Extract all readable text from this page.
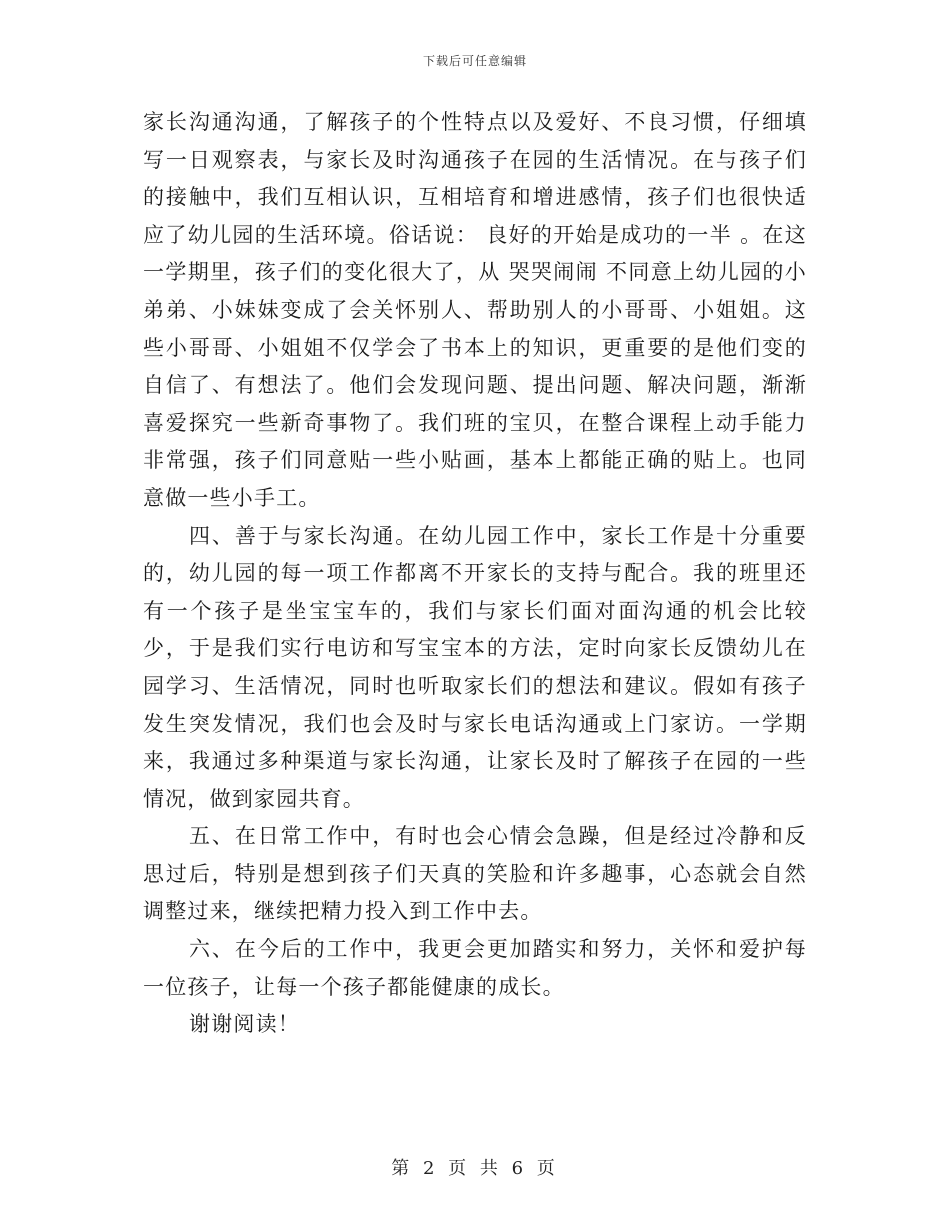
下载后可任意编辑

家长沟通沟通，了解孩子的个性特点以及爱好、不良习惯，仔细填写一日观察表，与家长及时沟通孩子在园的生活情况。在与孩子们的接触中，我们互相认识，互相培育和增进感情，孩子们也很快适应了幼儿园的生活环境。俗话说： 良好的开始是成功的一半 。在这一学期里，孩子们的变化很大了，从 哭哭闹闹 不同意上幼儿园的小弟弟、小妹妹变成了会关怀别人、帮助别人的小哥哥、小姐姐。这些小哥哥、小姐姐不仅学会了书本上的知识，更重要的是他们变的自信了、有想法了。他们会发现问题、提出问题、解决问题，渐渐喜爱探究一些新奇事物了。我们班的宝贝，在整合课程上动手能力非常强，孩子们同意贴一些小贴画，基本上都能正确的贴上。也同意做一些小手工。

四、善于与家长沟通。在幼儿园工作中，家长工作是十分重要的，幼儿园的每一项工作都离不开家长的支持与配合。我的班里还有一个孩子是坐宝宝车的，我们与家长们面对面沟通的机会比较少，于是我们实行电访和写宝宝本的方法，定时向家长反馈幼儿在园学习、生活情况，同时也听取家长们的想法和建议。假如有孩子发生突发情况，我们也会及时与家长电话沟通或上门家访。一学期来，我通过多种渠道与家长沟通，让家长及时了解孩子在园的一些情况，做到家园共育。

五、在日常工作中，有时也会心情会急躁，但是经过冷静和反思过后，特别是想到孩子们天真的笑脸和许多趣事，心态就会自然调整过来，继续把精力投入到工作中去。

六、在今后的工作中，我更会更加踏实和努力，关怀和爱护每一位孩子，让每一个孩子都能健康的成长。

谢谢阅读！

第 2 页 共 6 页
